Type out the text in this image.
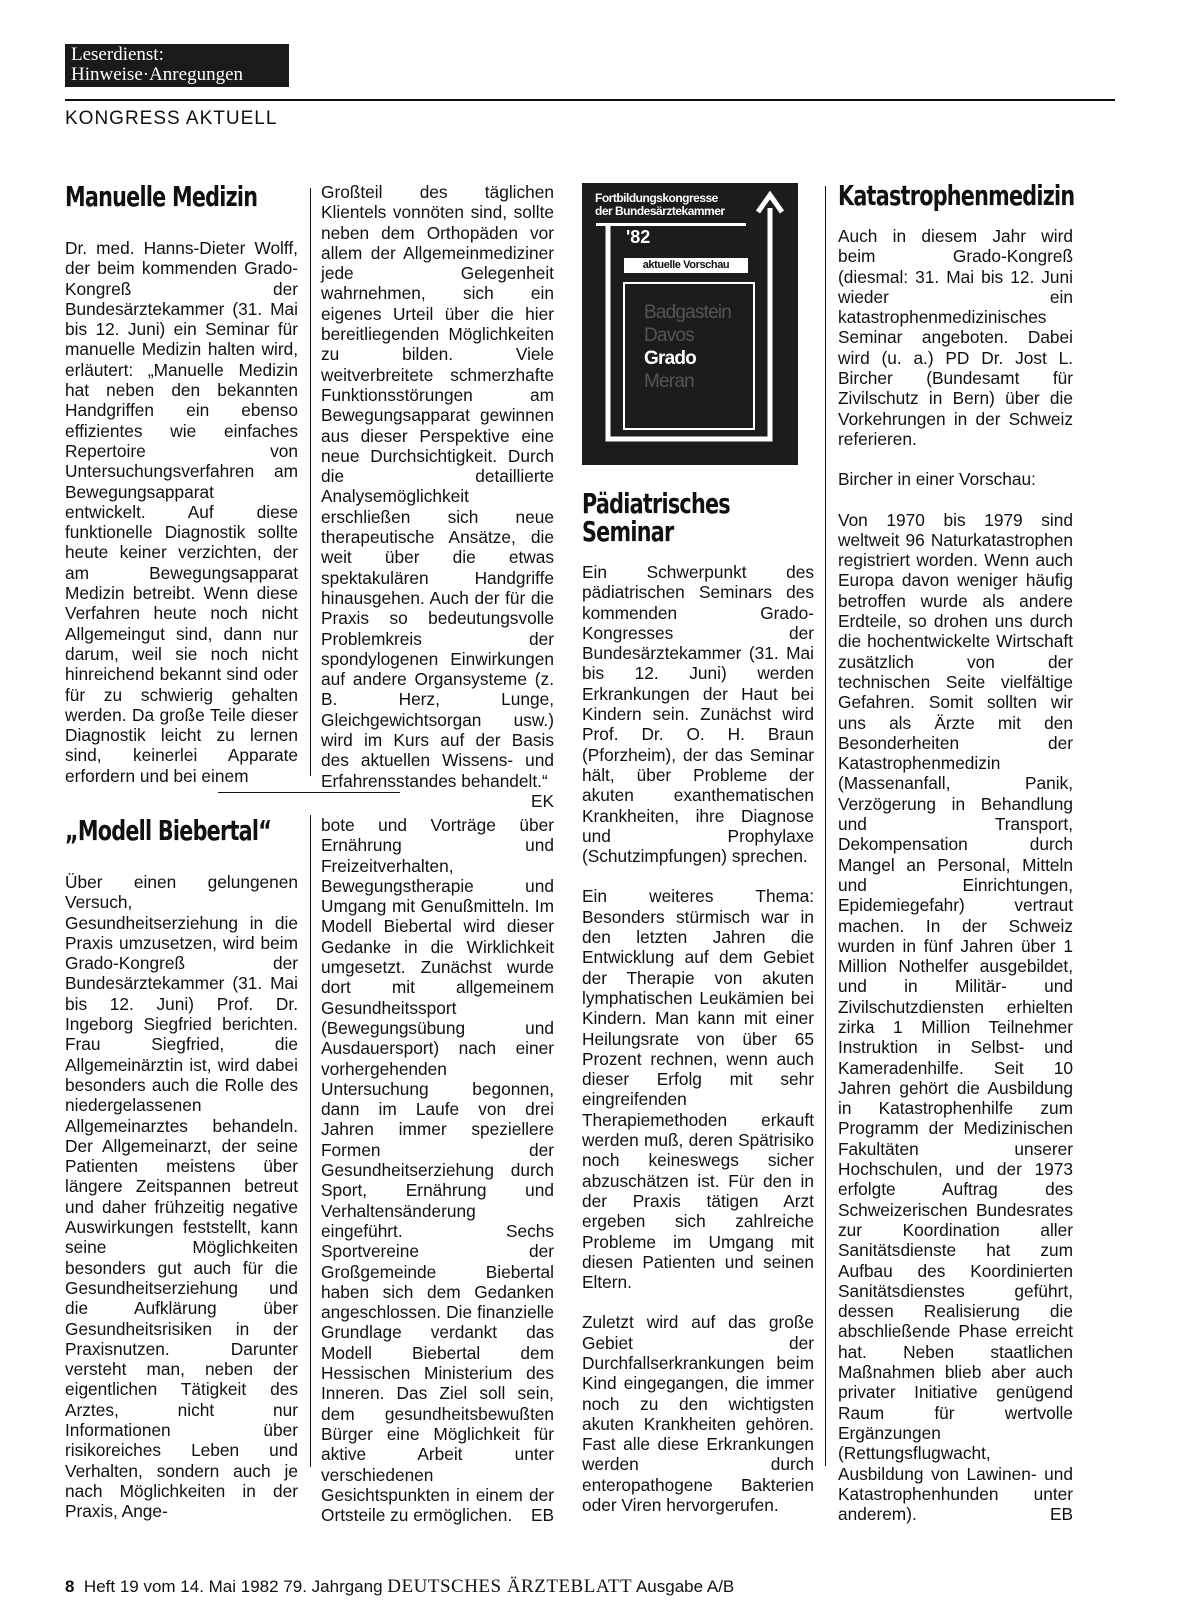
Leserdienst:
Hinweise·Anregungen
KONGRESS AKTUELL
Manuelle Medizin

Dr. med. Hanns-Dieter Wolff, der beim kommenden Grado-Kongreß der Bundesärztekammer (31. Mai bis 12. Juni) ein Seminar für manuelle Medizin halten wird, erläutert: „Manuelle Medizin hat neben den bekannten Handgriffen ein ebenso effizientes wie einfaches Repertoire von Untersuchungsverfahren am Bewegungsapparat entwickelt. Auf diese funktionelle Diagnostik sollte heute keiner verzichten, der am Bewegungsapparat Medizin betreibt. Wenn diese Verfahren heute noch nicht Allgemeingut sind, dann nur darum, weil sie noch nicht hinreichend bekannt sind oder für zu schwierig gehalten werden. Da große Teile dieser Diagnostik leicht zu lernen sind, keinerlei Apparate erfordern und bei einem

Großteil des täglichen Klientels vonnöten sind, sollte neben dem Orthopäden vor allem der Allgemeinmediziner jede Gelegenheit wahrnehmen, sich ein eigenes Urteil über die hier bereitliegenden Möglichkeiten zu bilden. Viele weitverbreitete schmerzhafte Funktionsstörungen am Bewegungsapparat gewinnen aus dieser Perspektive eine neue Durchsichtigkeit. Durch die detaillierte Analysemöglichkeit erschließen sich neue therapeutische Ansätze, die weit über die etwas spektakulären Handgriffe hinausgehen. Auch der für die Praxis so bedeutungsvolle Problemkreis der spondylogenen Einwirkungen auf andere Organsysteme (z. B. Herz, Lunge, Gleichgewichtsorgan usw.) wird im Kurs auf der Basis des aktuellen Wissens- und Erfahrensstandes behandelt.“
EK

„Modell Biebertal“

Über einen gelungenen Versuch, Gesundheitserziehung in die Praxis umzusetzen, wird beim Grado-Kongreß der Bundesärztekammer (31. Mai bis 12. Juni) Prof. Dr. Ingeborg Siegfried berichten. Frau Siegfried, die Allgemeinärztin ist, wird dabei besonders auch die Rolle des niedergelassenen Allgemeinarztes behandeln. Der Allgemeinarzt, der seine Patienten meistens über längere Zeitspannen betreut und daher frühzeitig negative Auswirkungen feststellt, kann seine Möglichkeiten besonders gut auch für die Gesundheitserziehung und die Aufklärung über Gesundheitsrisiken in der Praxisnutzen. Darunter versteht man, neben der eigentlichen Tätigkeit des Arztes, nicht nur Informationen über risikoreiches Leben und Verhalten, sondern auch je nach Möglichkeiten in der Praxis, Ange-

bote und Vorträge über Ernährung und Freizeitverhalten, Bewegungstherapie und Umgang mit Genußmitteln. Im Modell Biebertal wird dieser Gedanke in die Wirklichkeit umgesetzt. Zunächst wurde dort mit allgemeinem Gesundheitssport (Bewegungsübung und Ausdauersport) nach einer vorhergehenden Untersuchung begonnen, dann im Laufe von drei Jahren immer speziellere Formen der Gesundheitserziehung durch Sport, Ernährung und Verhaltensänderung eingeführt. Sechs Sportvereine der Großgemeinde Biebertal haben sich dem Gedanken angeschlossen. Die finanzielle Grundlage verdankt das Modell Biebertal dem Hessischen Ministerium des Inneren. Das Ziel soll sein, dem gesundheitsbewußten Bürger eine Möglichkeit für aktive Arbeit unter verschiedenen Gesichtspunkten in einem der Ortsteile zu ermöglichen. EB

Fortbildungskongresse
der Bundesärztekammer
'82
aktuelle Vorschau
Badgastein
Davos
Grado
Meran
Pädiatrisches
Seminar

Ein Schwerpunkt des pädiatrischen Seminars des kommenden Grado-Kongresses der Bundesärztekammer (31. Mai bis 12. Juni) werden Erkrankungen der Haut bei Kindern sein. Zunächst wird Prof. Dr. O. H. Braun (Pforzheim), der das Seminar hält, über Probleme der akuten exanthematischen Krankheiten, ihre Diagnose und Prophylaxe (Schutzimpfungen) sprechen.

Ein weiteres Thema: Besonders stürmisch war in den letzten Jahren die Entwicklung auf dem Gebiet der Therapie von akuten lymphatischen Leukämien bei Kindern. Man kann mit einer Heilungsrate von über 65 Prozent rechnen, wenn auch dieser Erfolg mit sehr eingreifenden Therapiemethoden erkauft werden muß, deren Spätrisiko noch keineswegs sicher abzuschätzen ist. Für den in der Praxis tätigen Arzt ergeben sich zahlreiche Probleme im Umgang mit diesen Patienten und seinen Eltern.

Zuletzt wird auf das große Gebiet der Durchfallserkrankungen beim Kind eingegangen, die immer noch zu den wichtigsten akuten Krankheiten gehören. Fast alle diese Erkrankungen werden durch enteropathogene Bakterien oder Viren hervorgerufen.

Katastrophenmedizin

Auch in diesem Jahr wird beim Grado-Kongreß (diesmal: 31. Mai bis 12. Juni wieder ein katastrophenmedizinisches Seminar angeboten. Dabei wird (u. a.) PD Dr. Jost L. Bircher (Bundesamt für Zivilschutz in Bern) über die Vorkehrungen in der Schweiz referieren.

Bircher in einer Vorschau:

Von 1970 bis 1979 sind weltweit 96 Naturkatastrophen registriert worden. Wenn auch Europa davon weniger häufig betroffen wurde als andere Erdteile, so drohen uns durch die hochentwickelte Wirtschaft zusätzlich von der technischen Seite vielfältige Gefahren. Somit sollten wir uns als Ärzte mit den Besonderheiten der Katastrophenmedizin (Massenanfall, Panik, Verzögerung in Behandlung und Transport, Dekompensation durch Mangel an Personal, Mitteln und Einrichtungen, Epidemiegefahr) vertraut machen. In der Schweiz wurden in fünf Jahren über 1 Million Nothelfer ausgebildet, und in Militär- und Zivilschutzdiensten erhielten zirka 1 Million Teilnehmer Instruktion in Selbst- und Kameradenhilfe. Seit 10 Jahren gehört die Ausbildung in Katastrophenhilfe zum Programm der Medizinischen Fakultäten unserer Hochschulen, und der 1973 erfolgte Auftrag des Schweizerischen Bundesrates zur Koordination aller Sanitätsdienste hat zum Aufbau des Koordinierten Sanitätsdienstes geführt, dessen Realisierung die abschließende Phase erreicht hat. Neben staatlichen Maßnahmen blieb aber auch privater Initiative genügend Raum für wertvolle Ergänzungen (Rettungsflugwacht, Ausbildung von Lawinen- und Katastrophenhunden unter anderem).	EB

8 Heft 19 vom 14. Mai 1982 79. Jahrgang DEUTSCHES ÄRZTEBLATT Ausgabe A/B
